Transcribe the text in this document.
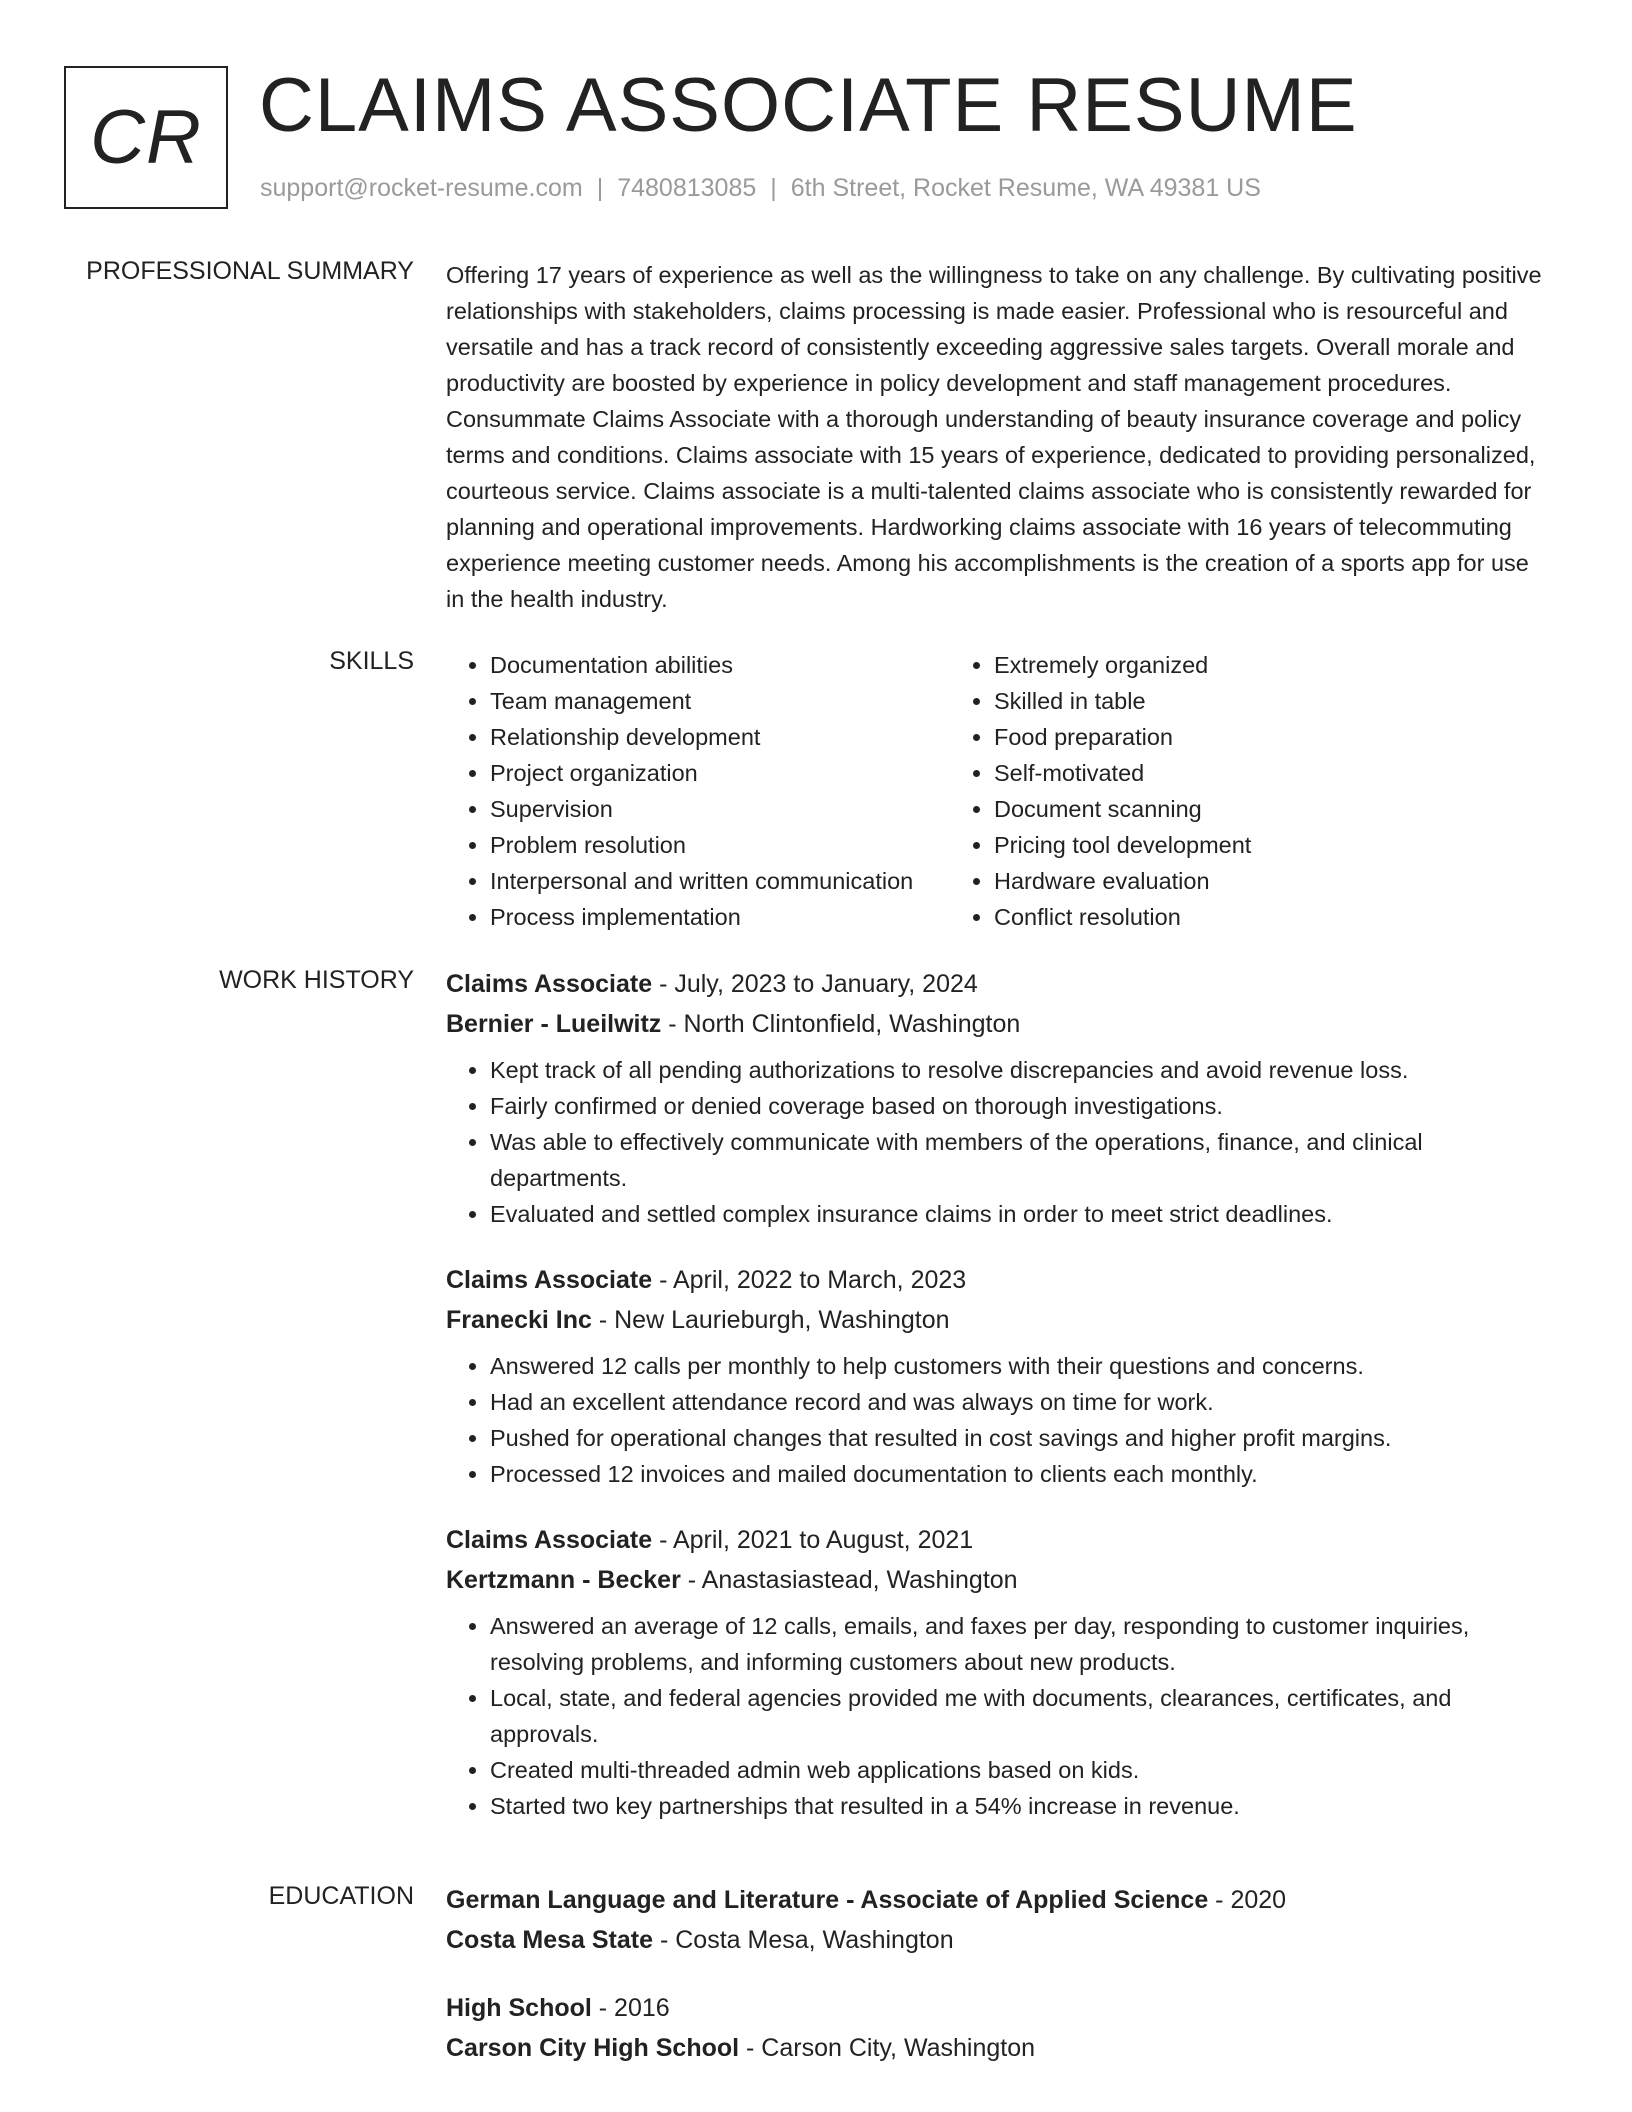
CR CLAIMS ASSOCIATE RESUME
support@rocket-resume.com | 7480813085 | 6th Street, Rocket Resume, WA 49381 US
PROFESSIONAL SUMMARY Offering 17 years of experience as well as the willingness to take on any challenge. By cultivating positive relationships with stakeholders, claims processing is made easier. Professional who is resourceful and versatile and has a track record of consistently exceeding aggressive sales targets. Overall morale and productivity are boosted by experience in policy development and staff management procedures. Consummate Claims Associate with a thorough understanding of beauty insurance coverage and policy terms and conditions. Claims associate with 15 years of experience, dedicated to providing personalized, courteous service. Claims associate is a multi-talented claims associate who is consistently rewarded for planning and operational improvements. Hardworking claims associate with 16 years of telecommuting experience meeting customer needs. Among his accomplishments is the creation of a sports app for use in the health industry.

SKILLS
•	Documentation abilities
• Team management
• Relationship development
• Project organization
• Supervision
• Problem resolution
• Interpersonal and written communication
• Process implementation
• Extremely organized
• Skilled in table
• Food preparation
• Self-motivated
• Document scanning
• Pricing tool development
• Hardware evaluation
• Conflict resolution
WORK HISTORY Claims Associate - July, 2023 to January, 2024
Bernier - Lueilwitz - North Clintonfield, Washington
• Kept track of all pending authorizations to resolve discrepancies and avoid revenue loss.
• Fairly confirmed or denied coverage based on thorough investigations.
• Was able to effectively communicate with members of the operations, finance, and clinical departments.
• Evaluated and settled complex insurance claims in order to meet strict deadlines.
Claims Associate - April, 2022 to March, 2023
Franecki Inc - New Laurieburgh, Washington
• Answered 12 calls per monthly to help customers with their questions and concerns.
• Had an excellent attendance record and was always on time for work.
• Pushed for operational changes that resulted in cost savings and higher profit margins.
• Processed 12 invoices and mailed documentation to clients each monthly.
Claims Associate - April, 2021 to August, 2021
Kertzmann - Becker - Anastasiastead, Washington
• Answered an average of 12 calls, emails, and faxes per day, responding to customer inquiries, resolving problems, and informing customers about new products.
• Local, state, and federal agencies provided me with documents, clearances, certificates, and approvals.
• Created multi-threaded admin web applications based on kids.
• Started two key partnerships that resulted in a 54% increase in revenue.
EDUCATION German Language and Literature - Associate of Applied Science - 2020
Costa Mesa State - Costa Mesa, Washington
High School - 2016
Carson City High School - Carson City, Washington
